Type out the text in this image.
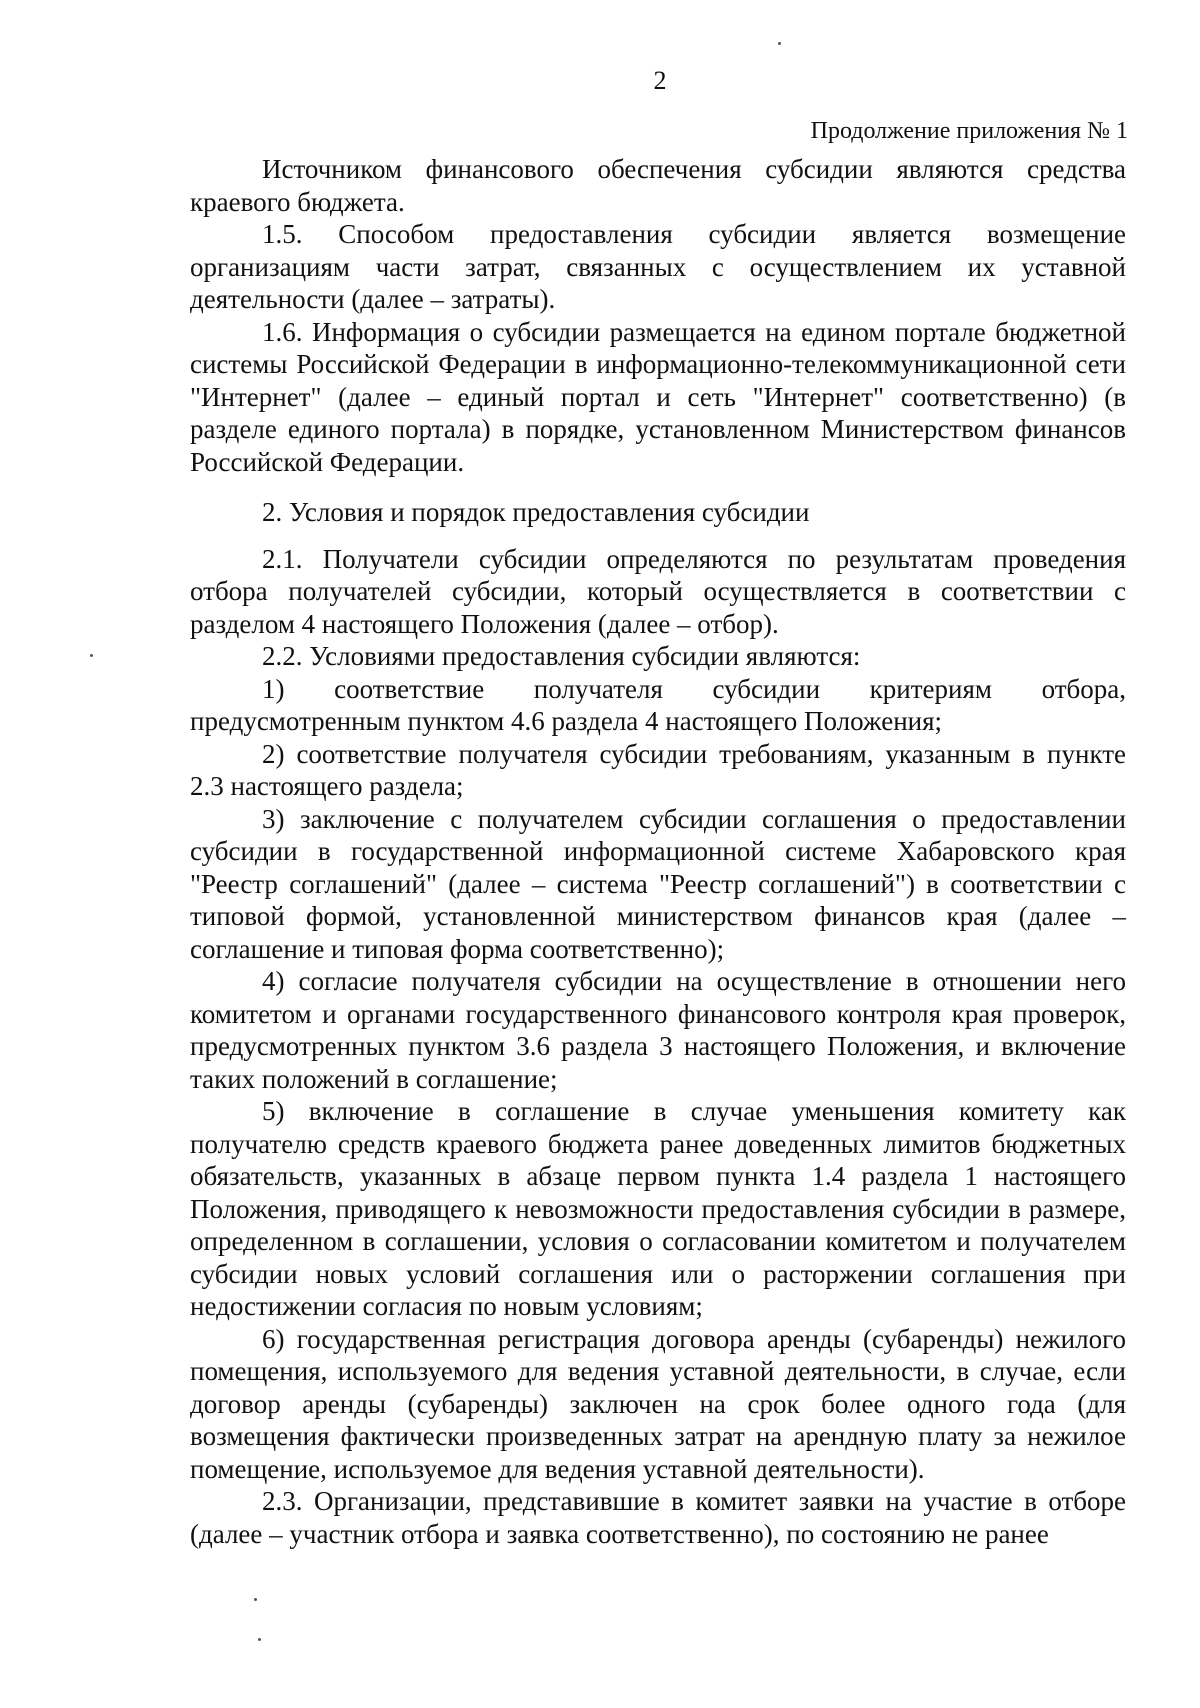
2
Продолжение приложения № 1

Источником финансового обеспечения субсидии являются средства краевого бюджета.

1.5. Способом предоставления субсидии является возмещение организациям части затрат, связанных с осуществлением их уставной деятельности (далее – затраты).

1.6. Информация о субсидии размещается на едином портале бюджетной системы Российской Федерации в информационно-телекоммуникационной сети "Интернет" (далее – единый портал и сеть "Интернет" соответственно) (в разделе единого портала) в порядке, установленном Министерством финансов Российской Федерации.

2. Условия и порядок предоставления субсидии

2.1. Получатели субсидии определяются по результатам проведения отбора получателей субсидии, который осуществляется в соответствии с разделом 4 настоящего Положения (далее – отбор).

2.2. Условиями предоставления субсидии являются:

1) соответствие получателя субсидии критериям отбора, предусмотренным пунктом 4.6 раздела 4 настоящего Положения;

2) соответствие получателя субсидии требованиям, указанным в пункте 2.3 настоящего раздела;

3) заключение с получателем субсидии соглашения о предоставлении субсидии в государственной информационной системе Хабаровского края "Реестр соглашений" (далее – система "Реестр соглашений") в соответствии с типовой формой, установленной министерством финансов края (далее – соглашение и типовая форма соответственно);

4) согласие получателя субсидии на осуществление в отношении него комитетом и органами государственного финансового контроля края проверок, предусмотренных пунктом 3.6 раздела 3 настоящего Положения, и включение таких положений в соглашение;

5) включение в соглашение в случае уменьшения комитету как получателю средств краевого бюджета ранее доведенных лимитов бюджетных обязательств, указанных в абзаце первом пункта 1.4 раздела 1 настоящего Положения, приводящего к невозможности предоставления субсидии в размере, определенном в соглашении, условия о согласовании комитетом и получателем субсидии новых условий соглашения или о расторжении соглашения при недостижении согласия по новым условиям;

6) государственная регистрация договора аренды (субаренды) нежилого помещения, используемого для ведения уставной деятельности, в случае, если договор аренды (субаренды) заключен на срок более одного года (для возмещения фактически произведенных затрат на арендную плату за нежилое помещение, используемое для ведения уставной деятельности).

2.3. Организации, представившие в комитет заявки на участие в отборе (далее – участник отбора и заявка соответственно), по состоянию не ранее
